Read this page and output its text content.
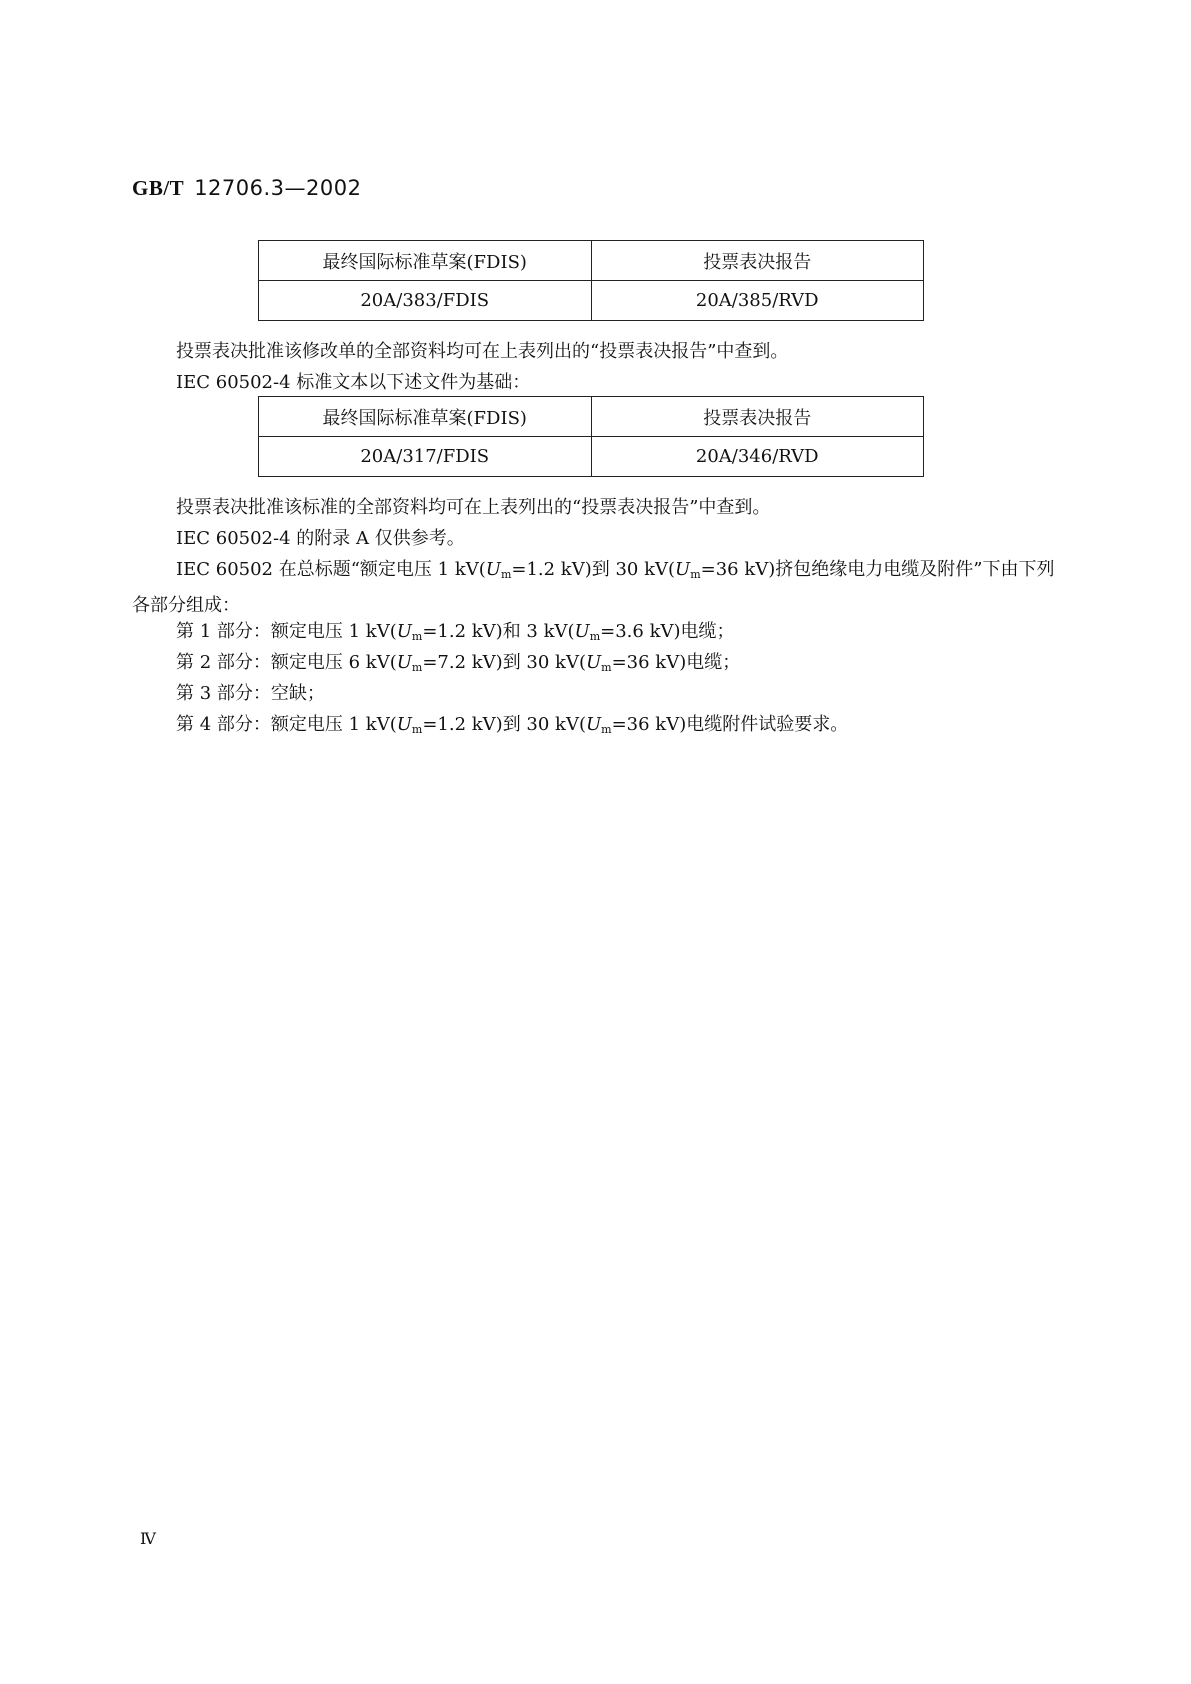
GB/T 12706.3—2002
最终国际标准草案(FDIS)	投票表决报告
20A/383/FDIS	20A/385/RVD
投票表决批准该修改单的全部资料均可在上表列出的“投票表决报告”中查到。
IEC 60502-4 标准文本以下述文件为基础：
最终国际标准草案(FDIS)	投票表决报告
20A/317/FDIS	20A/346/RVD
投票表决批准该标准的全部资料均可在上表列出的“投票表决报告”中查到。
IEC 60502-4 的附录 A 仅供参考。
IEC 60502 在总标题“额定电压 1 $kV(U_m=1.2$ kV)到 30 $kV(U_m=36$ kV)挤包绝缘电力电缆及附件”下由下列各部分组成：
第 1 部分：额定电压 1 $kV(U_m=1.2$ kV)和 3 $kV(U_m=3.6$ kV)电缆；
第 2 部分：额定电压 6 $kV(U_m=7.2$ kV)到 30 $kV(U_m=36$ kV)电缆；
第 3 部分：空缺；
第 4 部分：额定电压 1 $kV(U_m=1.2$ kV)到 30 $kV(U_m=36$ kV)电缆附件试验要求。
Ⅳ
